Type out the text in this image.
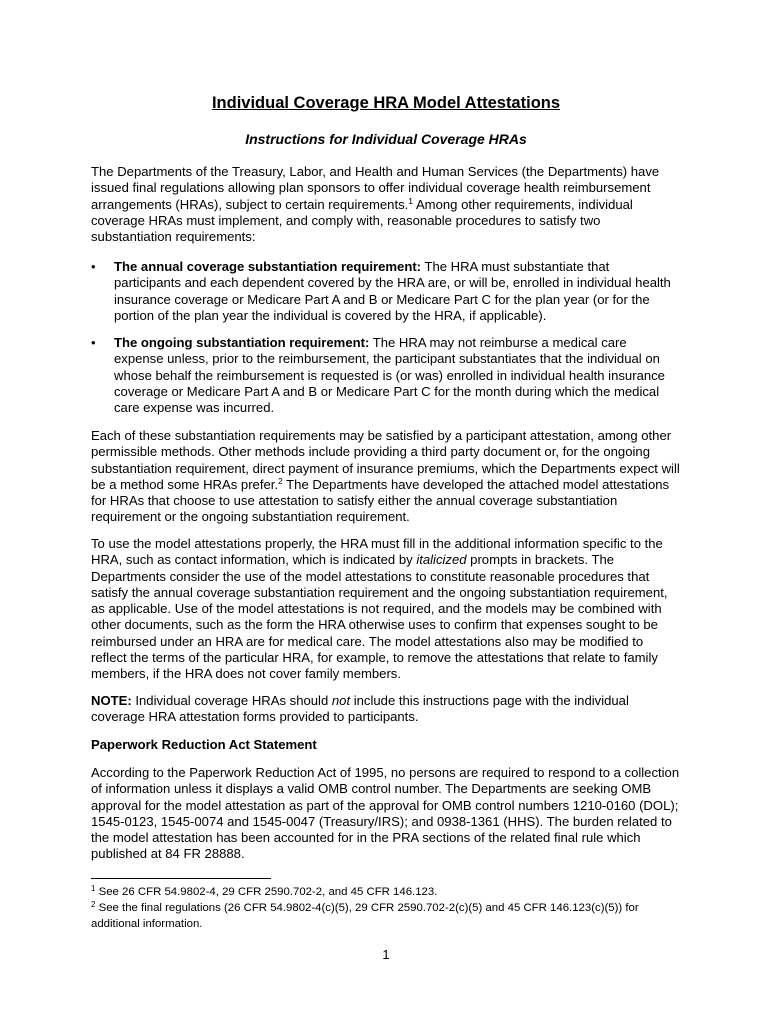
Individual Coverage HRA Model Attestations
Instructions for Individual Coverage HRAs

The Departments of the Treasury, Labor, and Health and Human Services (the Departments) have issued final regulations allowing plan sponsors to offer individual coverage health reimbursement arrangements (HRAs), subject to certain requirements.$^1$ Among other requirements, individual coverage HRAs must implement, and comply with, reasonable procedures to satisfy two substantiation requirements:

• The annual coverage substantiation requirement: The HRA must substantiate that participants and each dependent covered by the HRA are, or will be, enrolled in individual health insurance coverage or Medicare Part A and B or Medicare Part C for the plan year (or for the portion of the plan year the individual is covered by the HRA, if applicable).

• The ongoing substantiation requirement: The HRA may not reimburse a medical care expense unless, prior to the reimbursement, the participant substantiates that the individual on whose behalf the reimbursement is requested is (or was) enrolled in individual health insurance coverage or Medicare Part A and B or Medicare Part C for the month during which the medical care expense was incurred.

Each of these substantiation requirements may be satisfied by a participant attestation, among other permissible methods. Other methods include providing a third party document or, for the ongoing substantiation requirement, direct payment of insurance premiums, which the Departments expect will be a method some HRAs prefer.$^2$ The Departments have developed the attached model attestations for HRAs that choose to use attestation to satisfy either the annual coverage substantiation requirement or the ongoing substantiation requirement.

To use the model attestations properly, the HRA must fill in the additional information specific to the HRA, such as contact information, which is indicated by italicized prompts in brackets. The Departments consider the use of the model attestations to constitute reasonable procedures that satisfy the annual coverage substantiation requirement and the ongoing substantiation requirement, as applicable. Use of the model attestations is not required, and the models may be combined with other documents, such as the form the HRA otherwise uses to confirm that expenses sought to be reimbursed under an HRA are for medical care. The model attestations also may be modified to reflect the terms of the particular HRA, for example, to remove the attestations that relate to family members, if the HRA does not cover family members.

NOTE: Individual coverage HRAs should not include this instructions page with the individual coverage HRA attestation forms provided to participants.

Paperwork Reduction Act Statement

According to the Paperwork Reduction Act of 1995, no persons are required to respond to a collection of information unless it displays a valid OMB control number. The Departments are seeking OMB approval for the model attestation as part of the approval for OMB control numbers 1210-0160 (DOL); 1545-0123, 1545-0074 and 1545-0047 (Treasury/IRS); and 0938-1361 (HHS). The burden related to the model attestation has been accounted for in the PRA sections of the related final rule which published at 84 FR 28888.

$^1$ See 26 CFR 54.9802-4, 29 CFR 2590.702-2, and 45 CFR 146.123.
$^2$ See the final regulations (26 CFR 54.9802-4(c)(5), 29 CFR 2590.702-2(c)(5) and 45 CFR 146.123(c)(5)) for additional information.
1
